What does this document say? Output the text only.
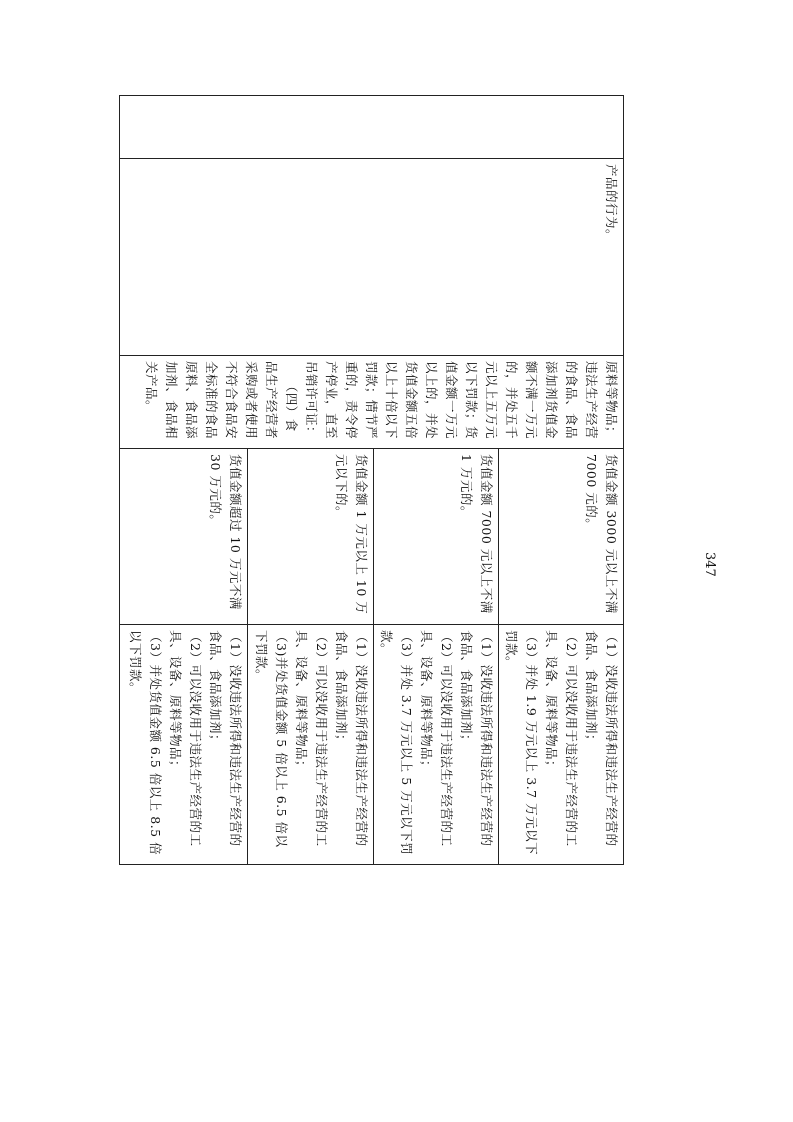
	产品的行为。	
原料等物品；违法生产经营的食品、食品添加剂货值金额不满一万元的，并处五千元以上五万元以下罚款；货值金额一万元以上的，并处货值金额五倍以上十倍以下罚款；情节严重的，责令停产停业，直至吊销许可证：
（四）食品生产经营者采购或者使用不符合食品安全标准的食品原料、食品添加剂、食品相关产品。

货值金额 3000 元以上不满 7000 元的。	
（1）没收违法所得和违法生产经营的食品、食品添加剂；
（2）可以没收用于违法生产经营的工具、设备、原料等物品；
（3）并处 1.9 万元以上 3.7 万元以下罚款。

货值金额 7000 元以上不满 1 万元的。	
（1）没收违法所得和违法生产经营的食品、食品添加剂；
（2）可以没收用于违法生产经营的工具、设备、原料等物品；
（3）并处 3.7 万元以上 5 万元以下罚款。

货值金额 1 万元以上 10 万元以下的。	
（1）没收违法所得和违法生产经营的食品、食品添加剂；
（2）可以没收用于违法生产经营的工具、设备、原料等物品；
（3)并处货值金额 5 倍以上 6.5 倍以下罚款。

货值金额超过 10 万元不满 30 万元的。	
（1）没收违法所得和违法生产经营的食品、食品添加剂；
（2）可以没收用于违法生产经营的工具、设备、原料等物品；
（3）并处货值金额 6.5 倍以上 8.5 倍以下罚款。
347
